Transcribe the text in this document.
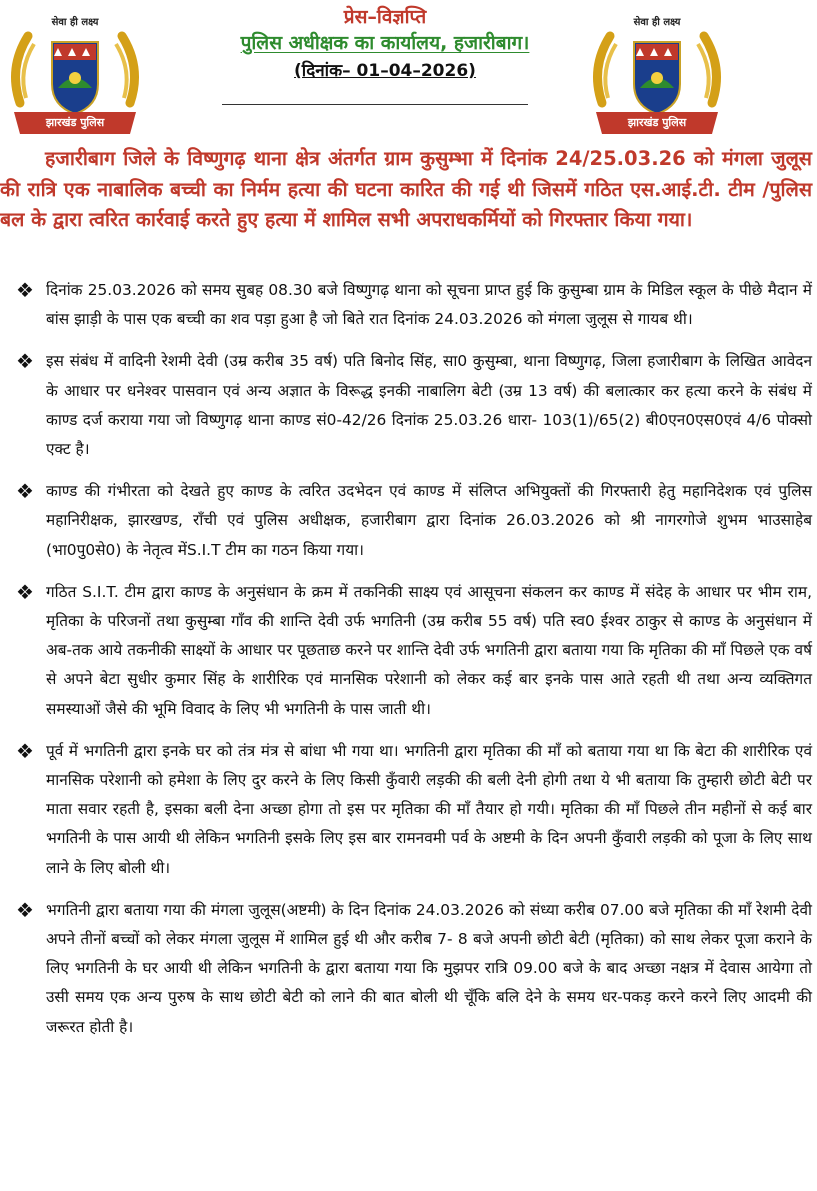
सेवा ही लक्ष्य
झारखंड पुलिस
सेवा ही लक्ष्य
झारखंड पुलिस
प्रेस–विज्ञप्ति
पुलिस अधीक्षक का कार्यालय, हजारीबाग।
(दिनांक– 01–04–2026)
हजारीबाग जिले के विष्णुगढ़ थाना क्षेत्र अंतर्गत ग्राम कुसुम्भा में दिनांक 24/25.03.26 को मंगला जुलूस की रात्रि एक नाबालिक बच्ची का निर्मम हत्या की घटना कारित की गई थी जिसमें गठित एस.आई.टी. टीम /पुलिस बल के द्वारा त्वरित कार्रवाई करते हुए हत्या में शामिल सभी अपराधकर्मियों को गिरफ्तार किया गया।
❖ दिनांक 25.03.2026 को समय सुबह 08.30 बजे विष्णुगढ़ थाना को सूचना प्राप्त हुई कि कुसुम्बा ग्राम के मिडिल स्कूल के पीछे मैदान में बांस झाड़ी के पास एक बच्ची का शव पड़ा हुआ है जो बिते रात दिनांक 24.03.2026 को मंगला जुलूस से गायब थी।
❖ इस संबंध में वादिनी रेशमी देवी (उम्र करीब 35 वर्ष) पति बिनोद सिंह, सा0 कुसुम्बा, थाना विष्णुगढ़, जिला हजारीबाग के लिखित आवेदन के आधार पर धनेश्वर पासवान एवं अन्य अज्ञात के विरूद्ध इनकी नाबालिग बेटी (उम्र 13 वर्ष) की बलात्कार कर हत्या करने के संबंध में काण्ड दर्ज कराया गया जो विष्णुगढ़ थाना काण्ड सं0-42/26 दिनांक 25.03.26 धारा- 103(1)/65(2) बी0एन0एस0एवं 4/6 पोक्सो एक्ट है।
❖ काण्ड की गंभीरता को देखते हुए काण्ड के त्वरित उदभेदन एवं काण्ड में संलिप्त अभियुक्तों की गिरफ्तारी हेतु महानिदेशक एवं पुलिस महानिरीक्षक, झारखण्ड, राँची एवं पुलिस अधीक्षक, हजारीबाग द्वारा दिनांक 26.03.2026 को श्री नागरगोजे शुभम भाउसाहेब (भा0पु0से0) के नेतृत्व मेंS.I.T टीम का गठन किया गया।
❖ गठित S.I.T. टीम द्वारा काण्ड के अनुसंधान के क्रम में तकनिकी साक्ष्य एवं आसूचना संकलन कर काण्ड में संदेह के आधार पर भीम राम, मृतिका के परिजनों तथा कुसुम्बा गाँव की शान्ति देवी उर्फ भगतिनी (उम्र करीब 55 वर्ष) पति स्व0 ईश्वर ठाकुर से काण्ड के अनुसंधान में अब-तक आये तकनीकी साक्ष्यों के आधार पर पूछताछ करने पर शान्ति देवी उर्फ भगतिनी द्वारा बताया गया कि मृतिका की माँ पिछले एक वर्ष से अपने बेटा सुधीर कुमार सिंह के शारीरिक एवं मानसिक परेशानी को लेकर कई बार इनके पास आते रहती थी तथा अन्य व्यक्तिगत समस्याओं जैसे की भूमि विवाद के लिए भी भगतिनी के पास जाती थी।
❖ पूर्व में भगतिनी द्वारा इनके घर को तंत्र मंत्र से बांधा भी गया था। भगतिनी द्वारा मृतिका की माँ को बताया गया था कि बेटा की शारीरिक एवं मानसिक परेशानी को हमेशा के लिए दुर करने के लिए किसी कुँवारी लड़की की बली देनी होगी तथा ये भी बताया कि तुम्हारी छोटी बेटी पर माता सवार रहती है, इसका बली देना अच्छा होगा तो इस पर मृतिका की माँ तैयार हो गयी। मृतिका की माँ पिछले तीन महीनों से कई बार भगतिनी के पास आयी थी लेकिन भगतिनी इसके लिए इस बार रामनवमी पर्व के अष्टमी के दिन अपनी कुँवारी लड़की को पूजा के लिए साथ लाने के लिए बोली थी।
❖ भगतिनी द्वारा बताया गया की मंगला जुलूस(अष्टमी) के दिन दिनांक 24.03.2026 को संध्या करीब 07.00 बजे मृतिका की माँ रेशमी देवी अपने तीनों बच्चों को लेकर मंगला जुलूस में शामिल हुई थी और करीब 7- 8 बजे अपनी छोटी बेटी (मृतिका) को साथ लेकर पूजा कराने के लिए भगतिनी के घर आयी थी लेकिन भगतिनी के द्वारा बताया गया कि मुझपर रात्रि 09.00 बजे के बाद अच्छा नक्षत्र में देवास आयेगा तो उसी समय एक अन्य पुरुष के साथ छोटी बेटी को लाने की बात बोली थी चूँकि बलि देने के समय धर-पकड़ करने करने लिए आदमी की जरूरत होती है।
